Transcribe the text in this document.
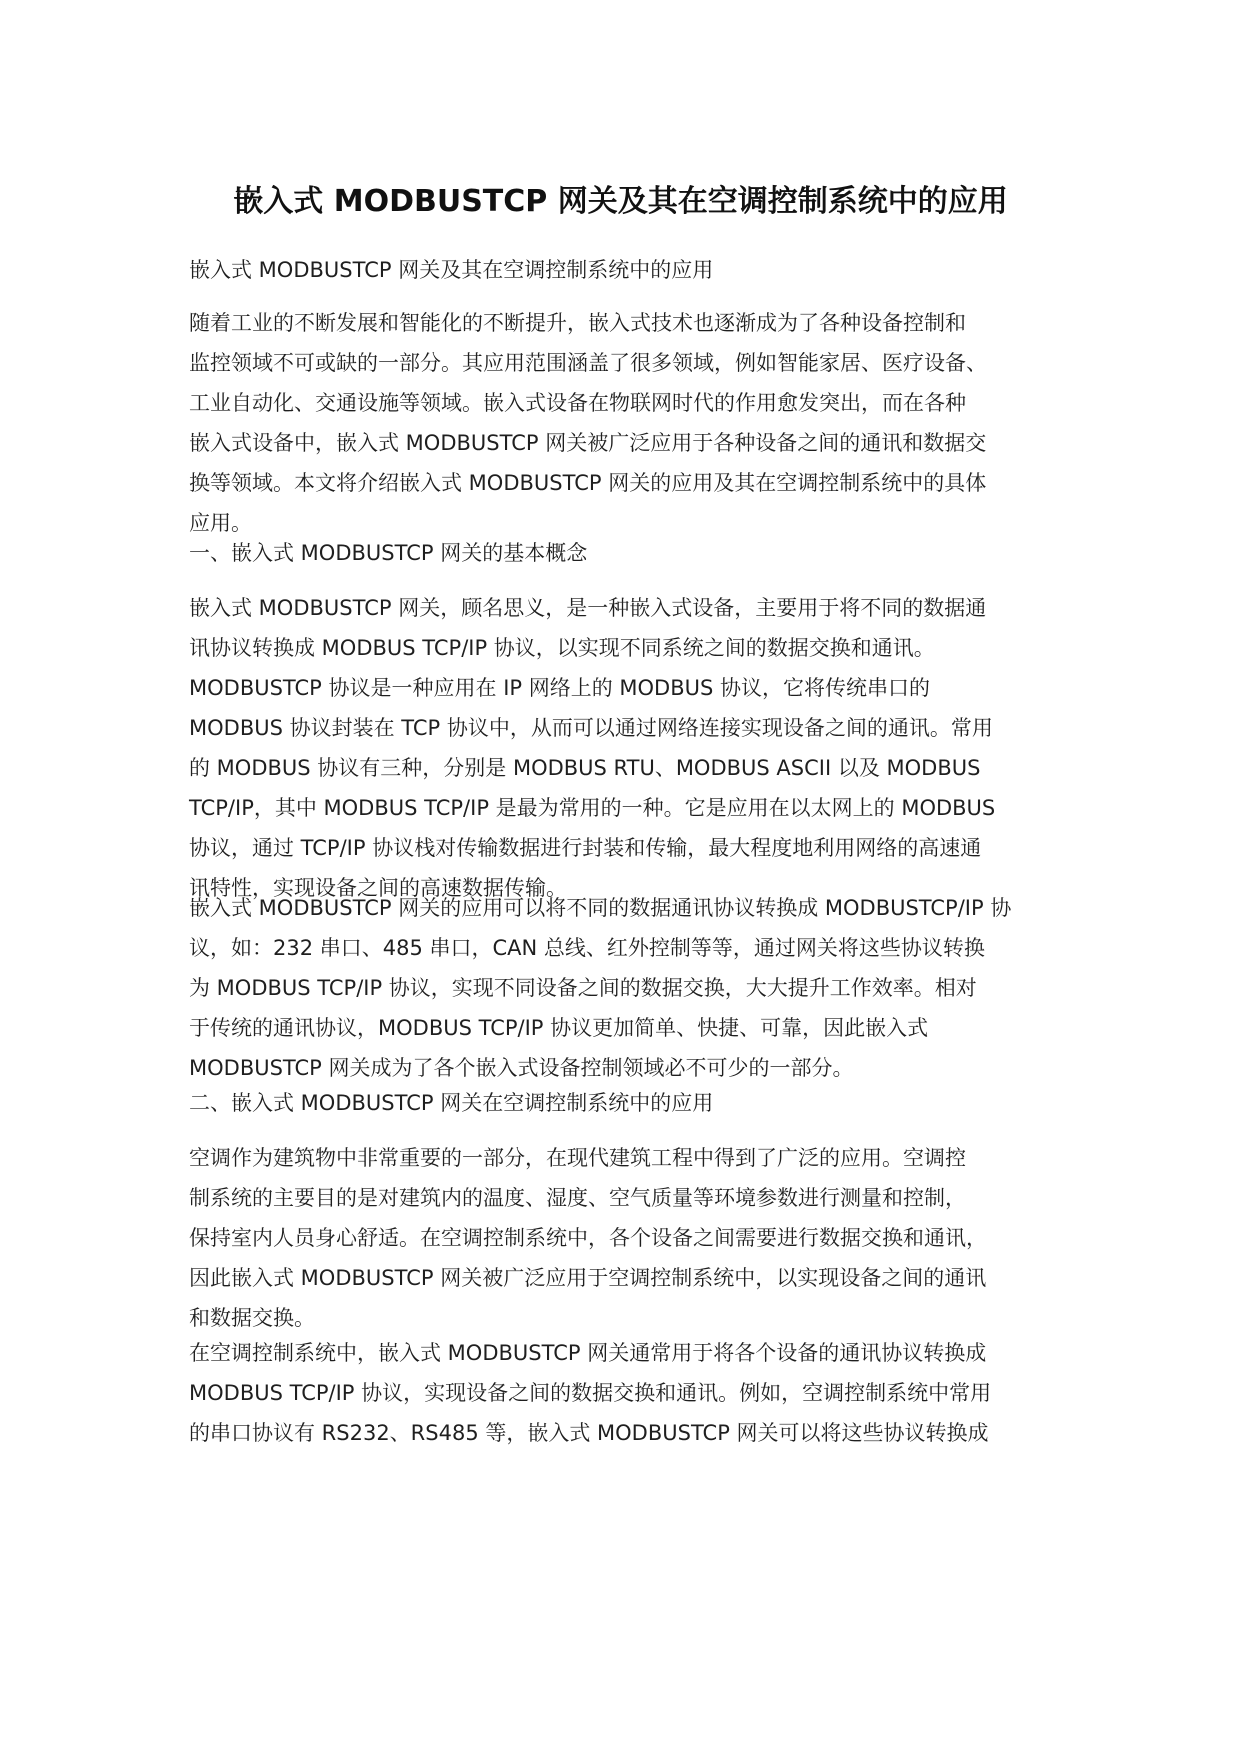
嵌入式 MODBUSTCP 网关及其在空调控制系统中的应用
嵌入式 MODBUSTCP 网关及其在空调控制系统中的应用
随着工业的不断发展和智能化的不断提升，嵌入式技术也逐渐成为了各种设备控制和
监控领域不可或缺的一部分。其应用范围涵盖了很多领域，例如智能家居、医疗设备、
工业自动化、交通设施等领域。嵌入式设备在物联网时代的作用愈发突出，而在各种
嵌入式设备中，嵌入式 MODBUSTCP 网关被广泛应用于各种设备之间的通讯和数据交
换等领域。本文将介绍嵌入式 MODBUSTCP 网关的应用及其在空调控制系统中的具体
应用。
一、嵌入式 MODBUSTCP 网关的基本概念
嵌入式 MODBUSTCP 网关，顾名思义，是一种嵌入式设备，主要用于将不同的数据通
讯协议转换成 MODBUS TCP/IP 协议，以实现不同系统之间的数据交换和通讯。
MODBUSTCP 协议是一种应用在 IP 网络上的 MODBUS 协议，它将传统串口的
MODBUS 协议封装在 TCP 协议中，从而可以通过网络连接实现设备之间的通讯。常用
的 MODBUS 协议有三种，分别是 MODBUS RTU、MODBUS ASCII 以及 MODBUS
TCP/IP，其中 MODBUS TCP/IP 是最为常用的一种。它是应用在以太网上的 MODBUS
协议，通过 TCP/IP 协议栈对传输数据进行封装和传输，最大程度地利用网络的高速通
讯特性，实现设备之间的高速数据传输。
嵌入式 MODBUSTCP 网关的应用可以将不同的数据通讯协议转换成 MODBUSTCP/IP 协
议，如：232 串口、485 串口，CAN 总线、红外控制等等，通过网关将这些协议转换
为 MODBUS TCP/IP 协议，实现不同设备之间的数据交换，大大提升工作效率。相对
于传统的通讯协议，MODBUS TCP/IP 协议更加简单、快捷、可靠，因此嵌入式
MODBUSTCP 网关成为了各个嵌入式设备控制领域必不可少的一部分。
二、嵌入式 MODBUSTCP 网关在空调控制系统中的应用
空调作为建筑物中非常重要的一部分，在现代建筑工程中得到了广泛的应用。空调控
制系统的主要目的是对建筑内的温度、湿度、空气质量等环境参数进行测量和控制，
保持室内人员身心舒适。在空调控制系统中，各个设备之间需要进行数据交换和通讯，
因此嵌入式 MODBUSTCP 网关被广泛应用于空调控制系统中，以实现设备之间的通讯
和数据交换。
在空调控制系统中，嵌入式 MODBUSTCP 网关通常用于将各个设备的通讯协议转换成
MODBUS TCP/IP 协议，实现设备之间的数据交换和通讯。例如，空调控制系统中常用
的串口协议有 RS232、RS485 等，嵌入式 MODBUSTCP 网关可以将这些协议转换成
